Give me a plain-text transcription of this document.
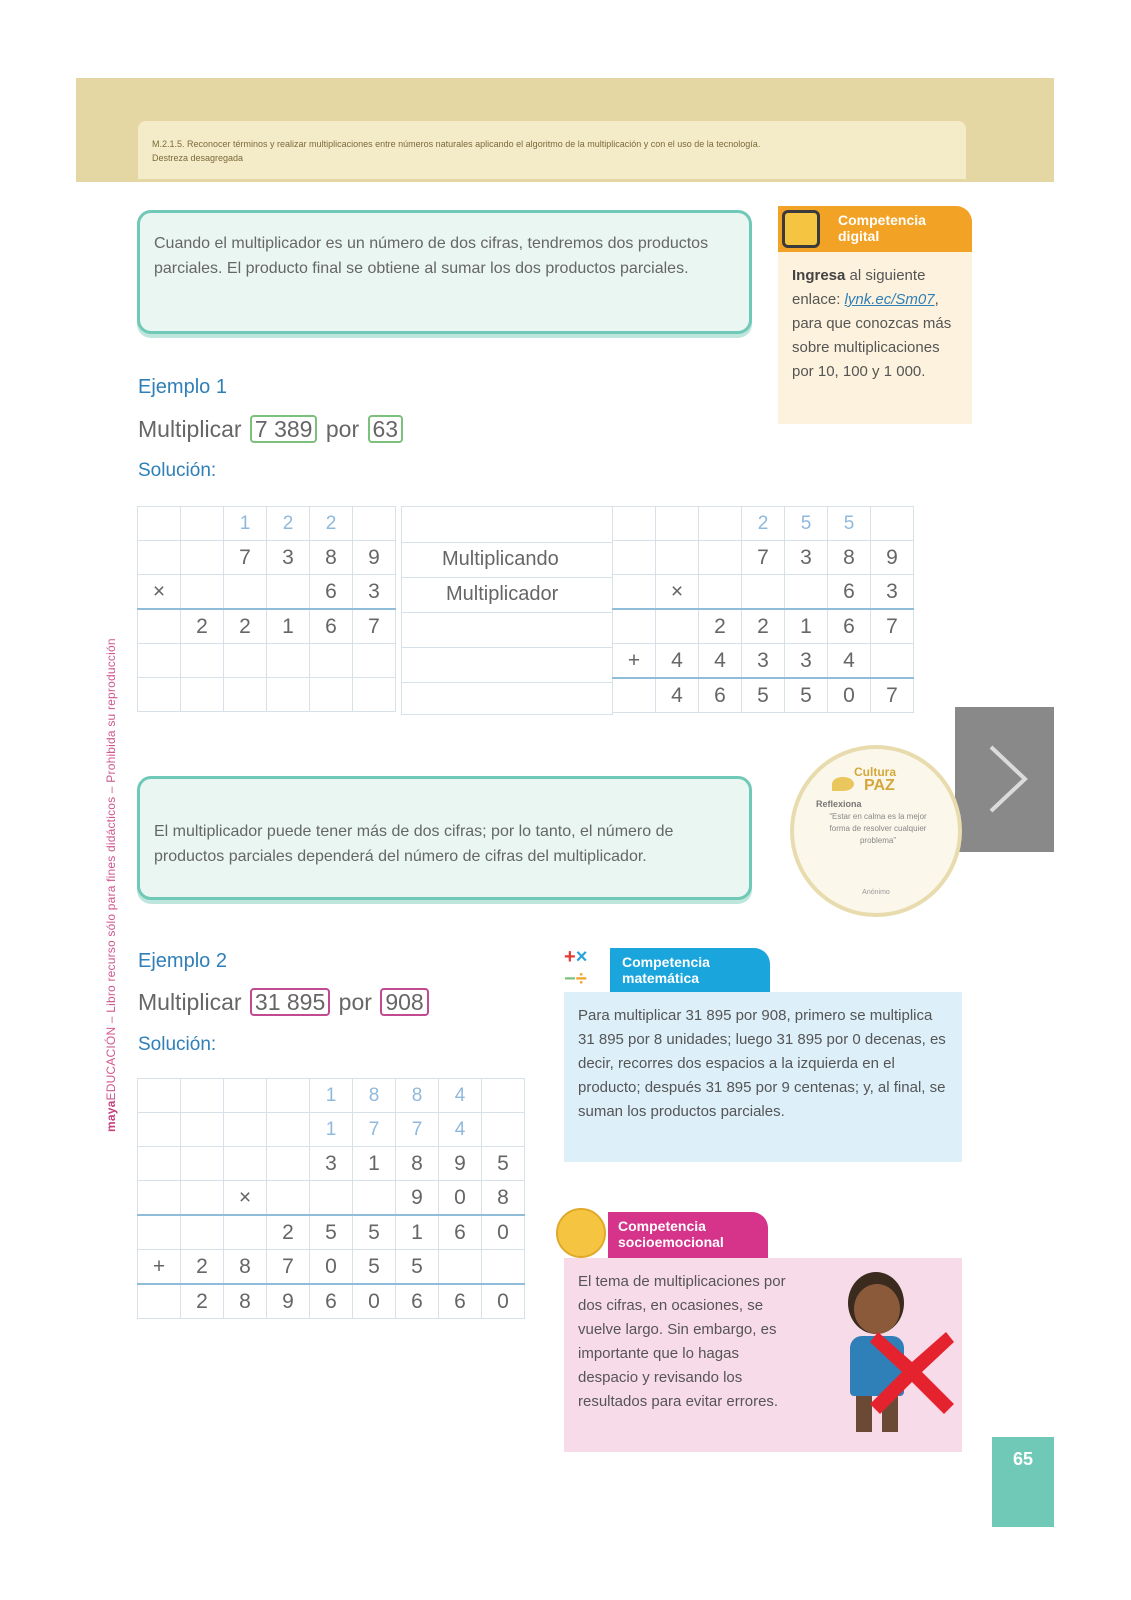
M.2.1.5. Reconocer términos y realizar multiplicaciones entre números naturales aplicando el algoritmo de la multiplicación y con el uso de la tecnología.
Destreza desagregada
mayaEDUCACIÓN – Libro recurso sólo para fines didácticos – Prohibida su reproducción
Cuando el multiplicador es un número de dos cifras, tendremos dos productos parciales. El producto final se obtiene al sumar los dos productos parciales.
Competencia digital
Ingresa al siguiente enlace: lynk.ec/Sm07, para que conozcas más sobre multiplicaciones por 10, 100 y 1 000.
Ejemplo 1
Multiplicar 7 389 por 63
Solución:
		1	2	2	
		7	3	8	9
×				6	3
	2	2	1	6	7

			2	5	5	
			7	3	8	9
	×				6	3
		2	2	1	6	7
+	4	4	3	3	4	
	4	6	5	5	0	7
El multiplicador puede tener más de dos cifras; por lo tanto, el número de productos parciales dependerá del número de cifras del multiplicador.
Cultura
PAZ
Reflexiona
“Estar en calma es la mejor forma de resolver cualquier problema”
Anónimo
Ejemplo 2
Multiplicar 31 895 por 908
Solución:
				1	8	8	4	
				1	7	7	4	
				3	1	8	9	5
		×				9	0	8
			2	5	5	1	6	0
+	2	8	7	0	5	5		
	2	8	9	6	0	6	6	0
+×
−÷
Competencia matemática
Para multiplicar 31 895 por 908, primero se multiplica 31 895 por 8 unidades; luego 31 895 por 0 decenas, es decir, recorres dos espacios a la izquierda en el producto; después 31 895 por 9 centenas; y, al final, se suman los productos parciales.
Competencia socioemocional
El tema de multiplicaciones por dos cifras, en ocasiones, se vuelve largo. Sin embargo, es importante que lo hagas despacio y revisando los resultados para evitar errores.
65
